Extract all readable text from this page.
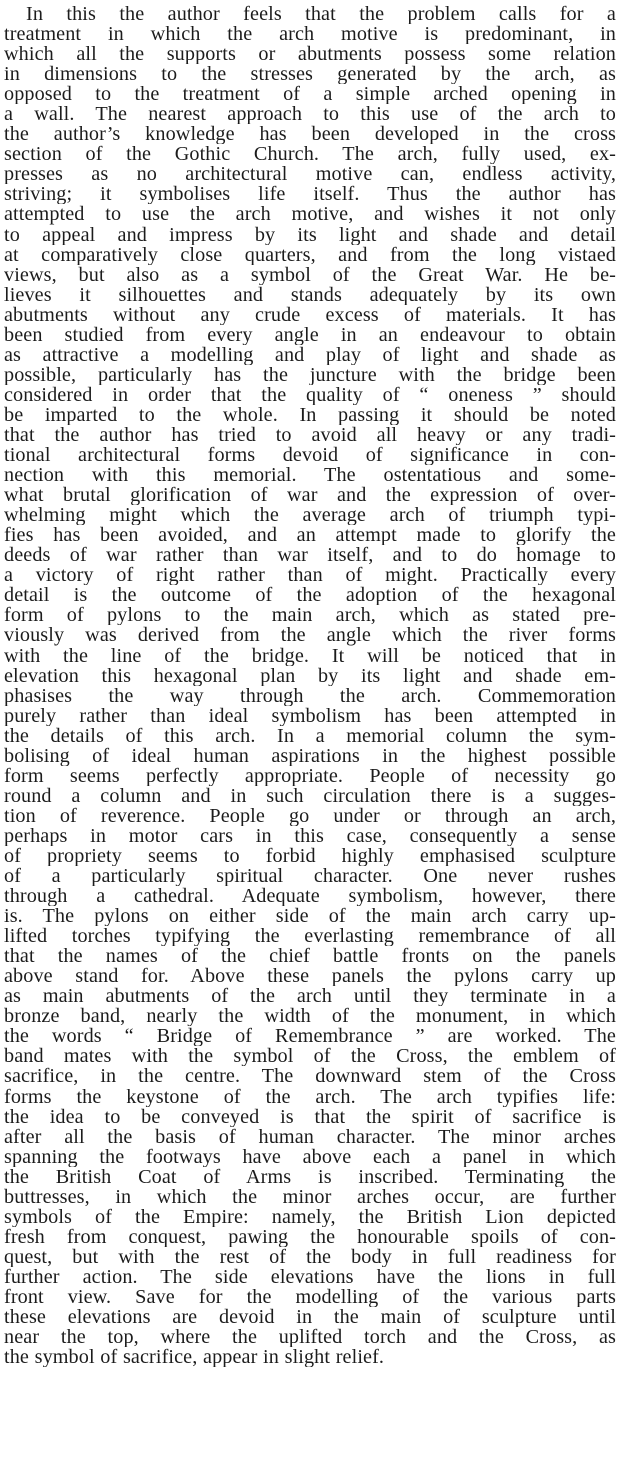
In this the author feels that the problem calls for a
treatment in which the arch motive is predominant, in
which all the supports or abutments possess some relation
in dimensions to the stresses generated by the arch, as
opposed to the treatment of a simple arched opening in
a wall. The nearest approach to this use of the arch to
the author’s knowledge has been developed in the cross
section of the Gothic Church. The arch, fully used, ex-
presses as no architectural motive can, endless activity,
striving; it symbolises life itself. Thus the author has
attempted to use the arch motive, and wishes it not only
to appeal and impress by its light and shade and detail
at comparatively close quarters, and from the long vistaed
views, but also as a symbol of the Great War. He be-
lieves it silhouettes and stands adequately by its own
abutments without any crude excess of materials. It has
been studied from every angle in an endeavour to obtain
as attractive a modelling and play of light and shade as
possible, particularly has the juncture with the bridge been
considered in order that the quality of “ oneness ” should
be imparted to the whole. In passing it should be noted
that the author has tried to avoid all heavy or any tradi-
tional architectural forms devoid of significance in con-
nection with this memorial. The ostentatious and some-
what brutal glorification of war and the expression of over-
whelming might which the average arch of triumph typi-
fies has been avoided, and an attempt made to glorify the
deeds of war rather than war itself, and to do homage to
a victory of right rather than of might. Practically every
detail is the outcome of the adoption of the hexagonal
form of pylons to the main arch, which as stated pre-
viously was derived from the angle which the river forms
with the line of the bridge. It will be noticed that in
elevation this hexagonal plan by its light and shade em-
phasises the way through the arch. Commemoration
purely rather than ideal symbolism has been attempted in
the details of this arch. In a memorial column the sym-
bolising of ideal human aspirations in the highest possible
form seems perfectly appropriate. People of necessity go
round a column and in such circulation there is a sugges-
tion of reverence. People go under or through an arch,
perhaps in motor cars in this case, consequently a sense
of propriety seems to forbid highly emphasised sculpture
of a particularly spiritual character. One never rushes
through a cathedral. Adequate symbolism, however, there
is. The pylons on either side of the main arch carry up-
lifted torches typifying the everlasting remembrance of all
that the names of the chief battle fronts on the panels
above stand for. Above these panels the pylons carry up
as main abutments of the arch until they terminate in a
bronze band, nearly the width of the monument, in which
the words “ Bridge of Remembrance ” are worked. The
band mates with the symbol of the Cross, the emblem of
sacrifice, in the centre. The downward stem of the Cross
forms the keystone of the arch. The arch typifies life:
the idea to be conveyed is that the spirit of sacrifice is
after all the basis of human character. The minor arches
spanning the footways have above each a panel in which
the British Coat of Arms is inscribed. Terminating the
buttresses, in which the minor arches occur, are further
symbols of the Empire: namely, the British Lion depicted
fresh from conquest, pawing the honourable spoils of con-
quest, but with the rest of the body in full readiness for
further action. The side elevations have the lions in full
front view. Save for the modelling of the various parts
these elevations are devoid in the main of sculpture until
near the top, where the uplifted torch and the Cross, as
the symbol of sacrifice, appear in slight relief.
